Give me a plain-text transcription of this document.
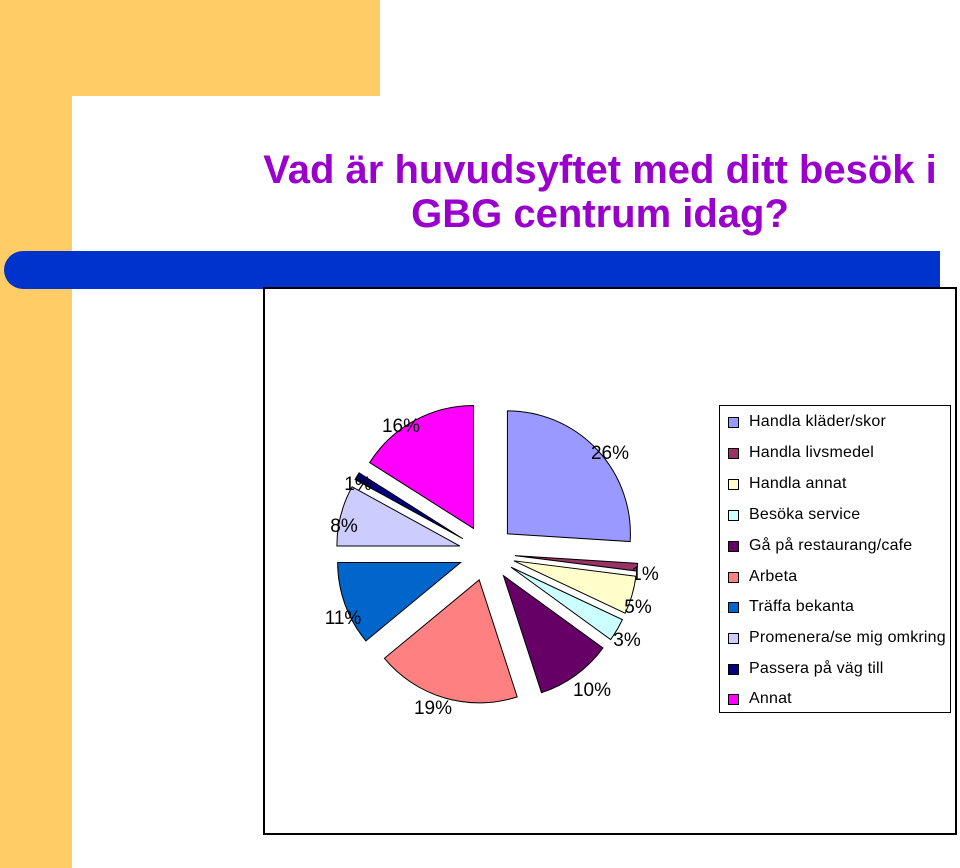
Vad är huvudsyftet med ditt besök i
GBG centrum idag?
26%
1%
5%
3%
10%
19%
11%
8%
1%
16%	Handla kläder/skor
Handla livsmedel
Handla annat
Besöka service
Gå på restaurang/cafe
Arbeta
Träffa bekanta
Promenera/se mig omkring
Passera på väg till
Annat
